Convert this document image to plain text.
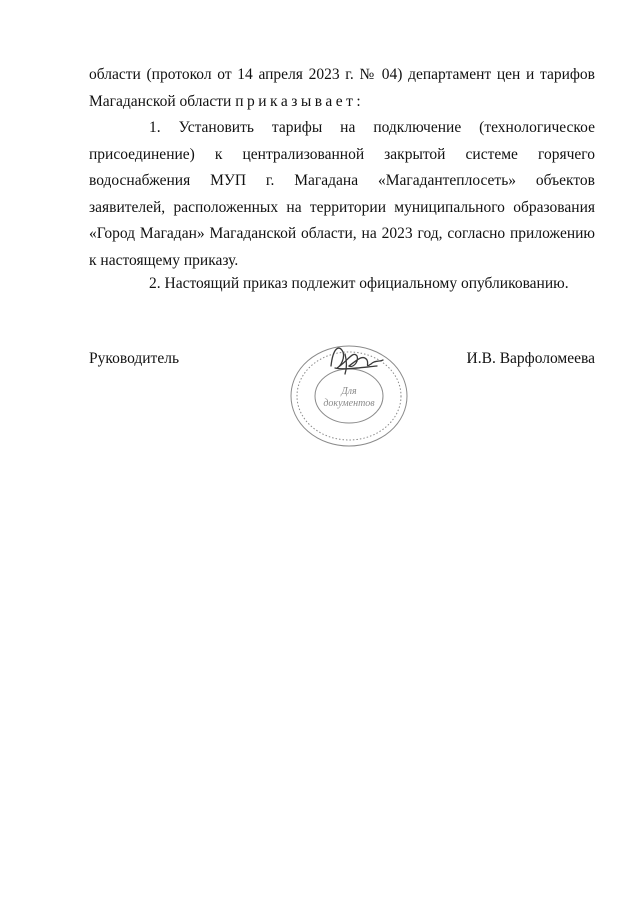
области (протокол от 14 апреля 2023 г. № 04) департамент цен и тарифов Магаданской области приказывает:

1. Установить тарифы на подключение (технологическое присоединение) к централизованной закрытой системе горячего водоснабжения МУП г. Магадана «Магадантеплосеть» объектов заявителей, расположенных на территории муниципального образования «Город Магадан» Магаданской области, на 2023 год, согласно приложению к настоящему приказу.

2. Настоящий приказ подлежит официальному опубликованию.

Руководитель	И.В. Варфоломеева
Для
документов
